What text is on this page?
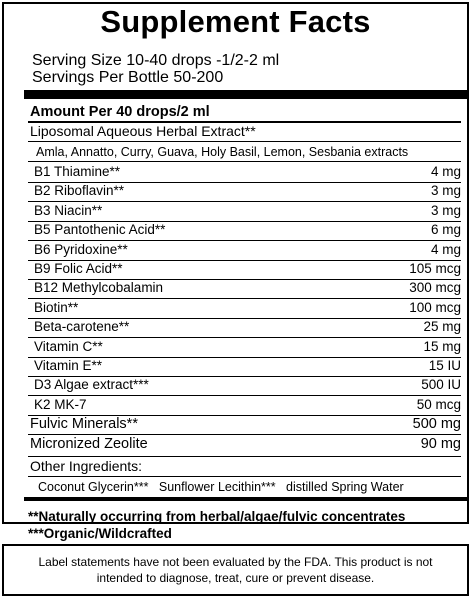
Supplement Facts
Serving Size 10-40 drops -1/2-2 ml
Servings Per Bottle 50-200
Amount Per 40 drops/2 ml
Liposomal Aqueous Herbal Extract**
Amla, Annatto, Curry, Guava, Holy Basil, Lemon, Sesbania extracts
B1 Thiamine**	4 mg
B2 Riboflavin**	3 mg
B3 Niacin**	3 mg
B5 Pantothenic Acid**	6 mg
B6 Pyridoxine**	4 mg
B9 Folic Acid**	105 mcg
B12 Methylcobalamin	300 mcg
Biotin**	100 mcg
Beta-carotene**	25 mg
Vitamin C**	15 mg
Vitamin E**	15 IU
D3 Algae extract***	500 IU
K2 MK-7	50 mcg
Fulvic Minerals**	500 mg
Micronized Zeolite	90 mg
Other Ingredients:
Coconut Glycerin***   Sunflower Lecithin***   distilled Spring Water
**Naturally occurring from herbal/algae/fulvic concentrates
***Organic/Wildcrafted

Label statements have not been evaluated by the FDA. This product is not
intended to diagnose, treat, cure or prevent disease.
